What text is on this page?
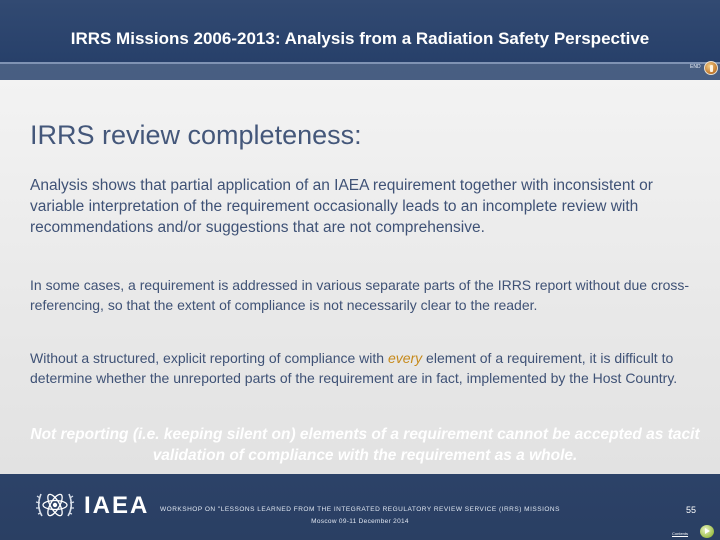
IRRS Missions 2006-2013: Analysis from a Radiation Safety Perspective
END
IRRS review completeness:
Analysis shows that partial application of an IAEA requirement together with inconsistent or variable interpretation of the requirement occasionally leads to an incomplete review with recommendations and/or suggestions that are not comprehensive.
In some cases, a requirement is addressed in various separate parts of the IRRS report without due cross-referencing, so that the extent of compliance is not necessarily clear to the reader.
Without a structured, explicit reporting of compliance with every element of a requirement, it is difficult to determine whether the unreported parts of the requirement are in fact, implemented by the Host Country.
Not reporting (i.e. keeping silent on) elements of a requirement cannot be accepted as tacit validation of compliance with the requirement as a whole.
IAEA	WORKSHOP ON "LESSONS LEARNED FROM THE INTEGRATED REGULATORY REVIEW SERVICE (IRRS) MISSIONS
Moscow 09-11 December 2014
55
Contents
